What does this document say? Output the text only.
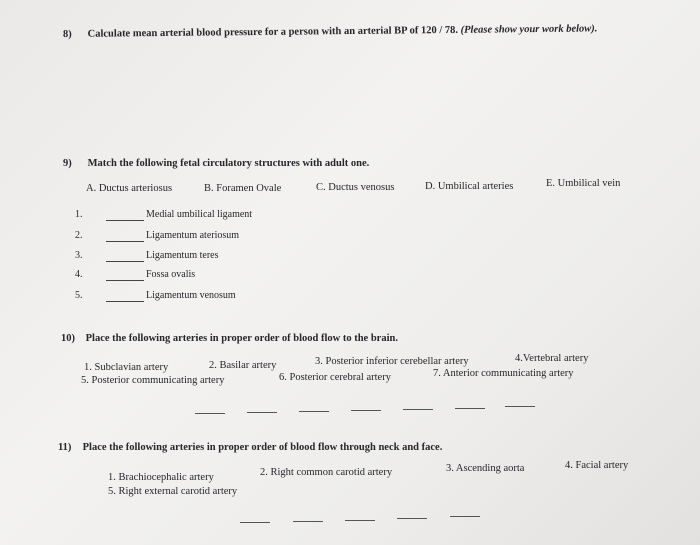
8) Calculate mean arterial blood pressure for a person with an arterial BP of 120 / 78. (Please show your work below).
9) Match the following fetal circulatory structures with adult one.
A. Ductus arteriosus	B. Foramen Ovale	C. Ductus venosus	D. Umbilical arteries	E. Umbilical vein
1.	Medial umbilical ligament
2.	Ligamentum ateriosum
3.	Ligamentum teres
4.	Fossa ovalis
5.	Ligamentum venosum
10) Place the following arteries in proper order of blood flow to the brain.
1. Subclavian artery	2. Basilar artery	3. Posterior inferior cerebellar artery	4.Vertebral artery
5. Posterior communicating artery	6. Posterior cerebral artery	7. Anterior communicating artery
11) Place the following arteries in proper order of blood flow through neck and face.
1. Brachiocephalic artery	2. Right common carotid artery	3. Ascending aorta	4. Facial artery
5. Right external carotid artery
